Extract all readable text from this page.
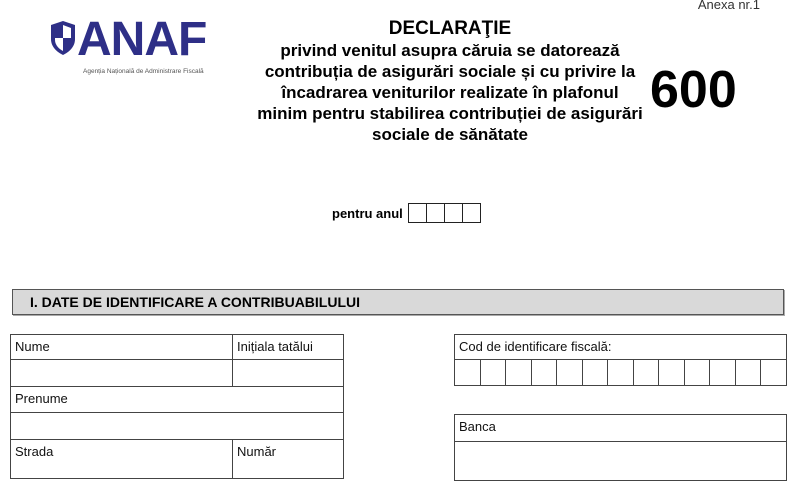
ANAF
Agenția Națională de Administrare Fiscală
Anexa nr.1
DECLARAŢIE
privind venitul asupra căruia se datorează
contribuția de asigurări sociale și cu privire la
încadrarea veniturilor realizate în plafonul
minim pentru stabilirea contribuției de asigurări
sociale de sănătate
600
pentru anul
I. DATE DE IDENTIFICARE A CONTRIBUABILULUI
Nume	Inițiala tatălui
Prenume
Strada	Număr
Cod de identificare fiscală:
Banca
